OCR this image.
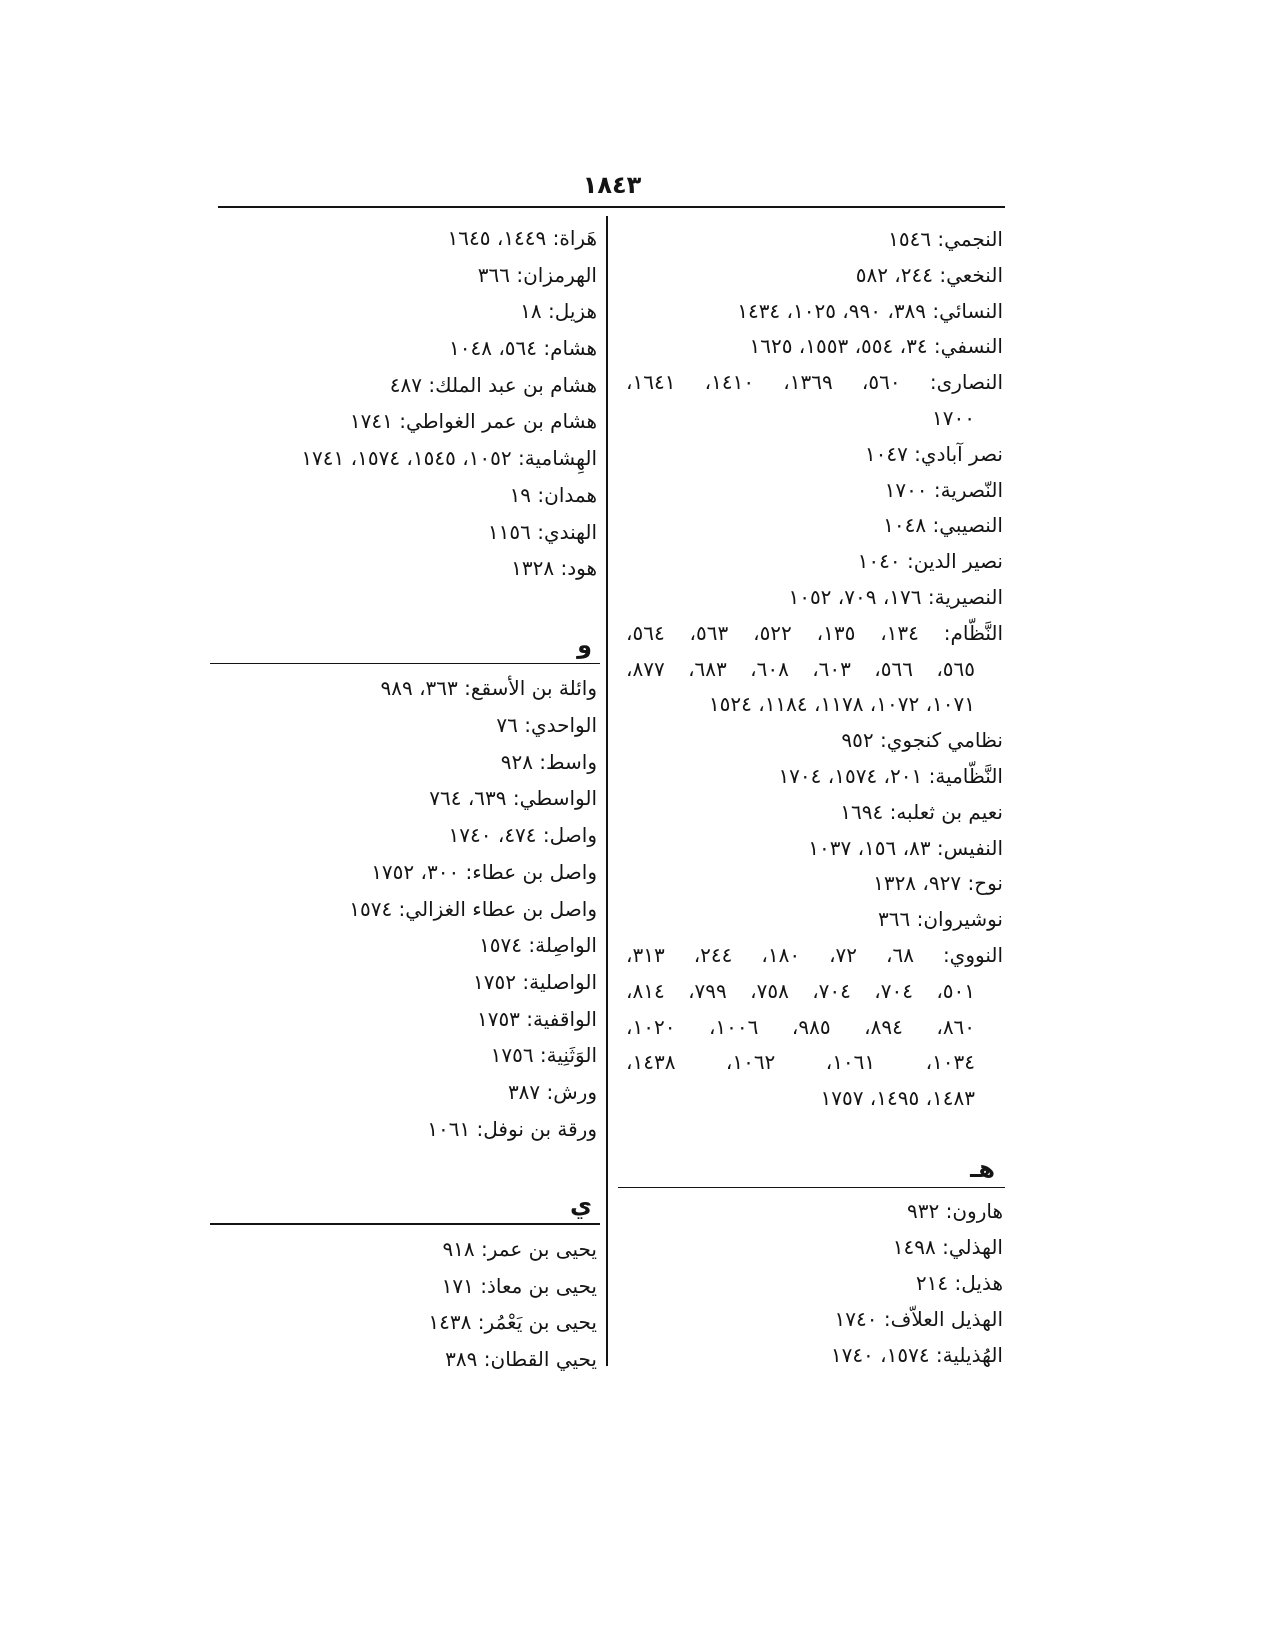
١٨٤٣
النجمي: ١٥٤٦
النخعي: ٢٤٤، ٥٨٢
النسائي: ٣٨٩، ٩٩٠، ١٠٢٥، ١٤٣٤
النسفي: ٣٤، ٥٥٤، ١٥٥٣، ١٦٢٥
النصارى: ٥٦٠، ١٣٦٩، ١٤١٠، ١٦٤١،
١٧٠٠
نصر آبادي: ١٠٤٧
النّصرية: ١٧٠٠
النصيبي: ١٠٤٨
نصير الدين: ١٠٤٠
النصيرية: ١٧٦، ٧٠٩، ١٠٥٢
النَّظّام: ١٣٤، ١٣٥، ٥٢٢، ٥٦٣، ٥٦٤،
٥٦٥، ٥٦٦، ٦٠٣، ٦٠٨، ٦٨٣، ٨٧٧،
١٠٧١، ١٠٧٢، ١١٧٨، ١١٨٤، ١٥٢٤
نظامي كنجوي: ٩٥٢
النَّظّامية: ٢٠١، ١٥٧٤، ١٧٠٤
نعيم بن ثعلبه: ١٦٩٤
النفيس: ٨٣، ١٥٦، ١٠٣٧
نوح: ٩٢٧، ١٣٢٨
نوشيروان: ٣٦٦
النووي: ٦٨، ٧٢، ١٨٠، ٢٤٤، ٣١٣،
٥٠١، ٧٠٤، ٧٠٤، ٧٥٨، ٧٩٩، ٨١٤،
٨٦٠، ٨٩٤، ٩٨٥، ١٠٠٦، ١٠٢٠،
١٠٣٤، ١٠٦١، ١٠٦٢، ١٤٣٨،
١٤٨٣، ١٤٩٥، ١٧٥٧
هـ
هارون: ٩٣٢
الهذلي: ١٤٩٨
هذيل: ٢١٤
الهذيل العلاّف: ١٧٤٠
الهُذيلية: ١٥٧٤، ١٧٤٠
هَراة: ١٤٤٩، ١٦٤٥
الهرمزان: ٣٦٦
هزيل: ١٨
هشام: ٥٦٤، ١٠٤٨
هشام بن عبد الملك: ٤٨٧
هشام بن عمر الغواطي: ١٧٤١
الهِشامية: ١٠٥٢، ١٥٤٥، ١٥٧٤، ١٧٤١
همدان: ١٩
الهندي: ١١٥٦
هود: ١٣٢٨
و
وائلة بن الأسقع: ٣٦٣، ٩٨٩
الواحدي: ٧٦
واسط: ٩٢٨
الواسطي: ٦٣٩، ٧٦٤
واصل: ٤٧٤، ١٧٤٠
واصل بن عطاء: ٣٠٠، ١٧٥٢
واصل بن عطاء الغزالي: ١٥٧٤
الواصِلة: ١٥٧٤
الواصلية: ١٧٥٢
الواقفية: ١٧٥٣
الوَثَنِية: ١٧٥٦
ورش: ٣٨٧
ورقة بن نوفل: ١٠٦١
ي
يحيى بن عمر: ٩١٨
يحيى بن معاذ: ١٧١
يحيى بن يَعْمُر: ١٤٣٨
يحيي القطان: ٣٨٩
